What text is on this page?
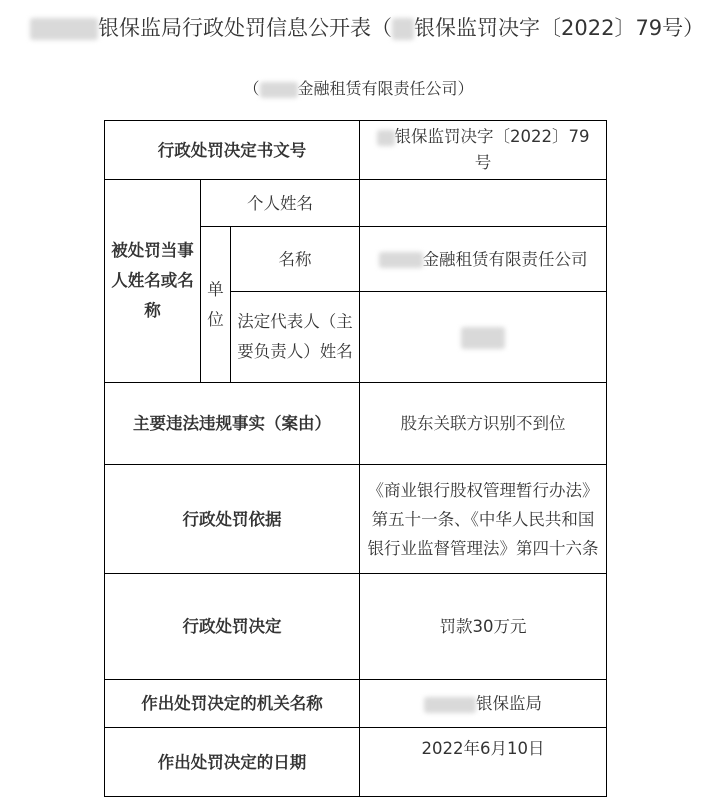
银保监局行政处罚信息公开表（ 银保监罚决字〔2022〕79号）
（ 金融租赁有限责任公司）
行政处罚决定书文号			银保监罚决字〔2022〕79
号
被处罚当事人姓名或名称	个人姓名		
	单位	名称	金融租赁有限责任公司
		法定代表人（主要负责人）姓名	
主要违法违规事实（案由）			股东关联方识别不到位
行政处罚依据			《商业银行股权管理暂行办法》第五十一条、《中华人民共和国银行业监督管理法》第四十六条
行政处罚决定			罚款30万元
作出处罚决定的机关名称			银保监局
作出处罚决定的日期			2022年6月10日
